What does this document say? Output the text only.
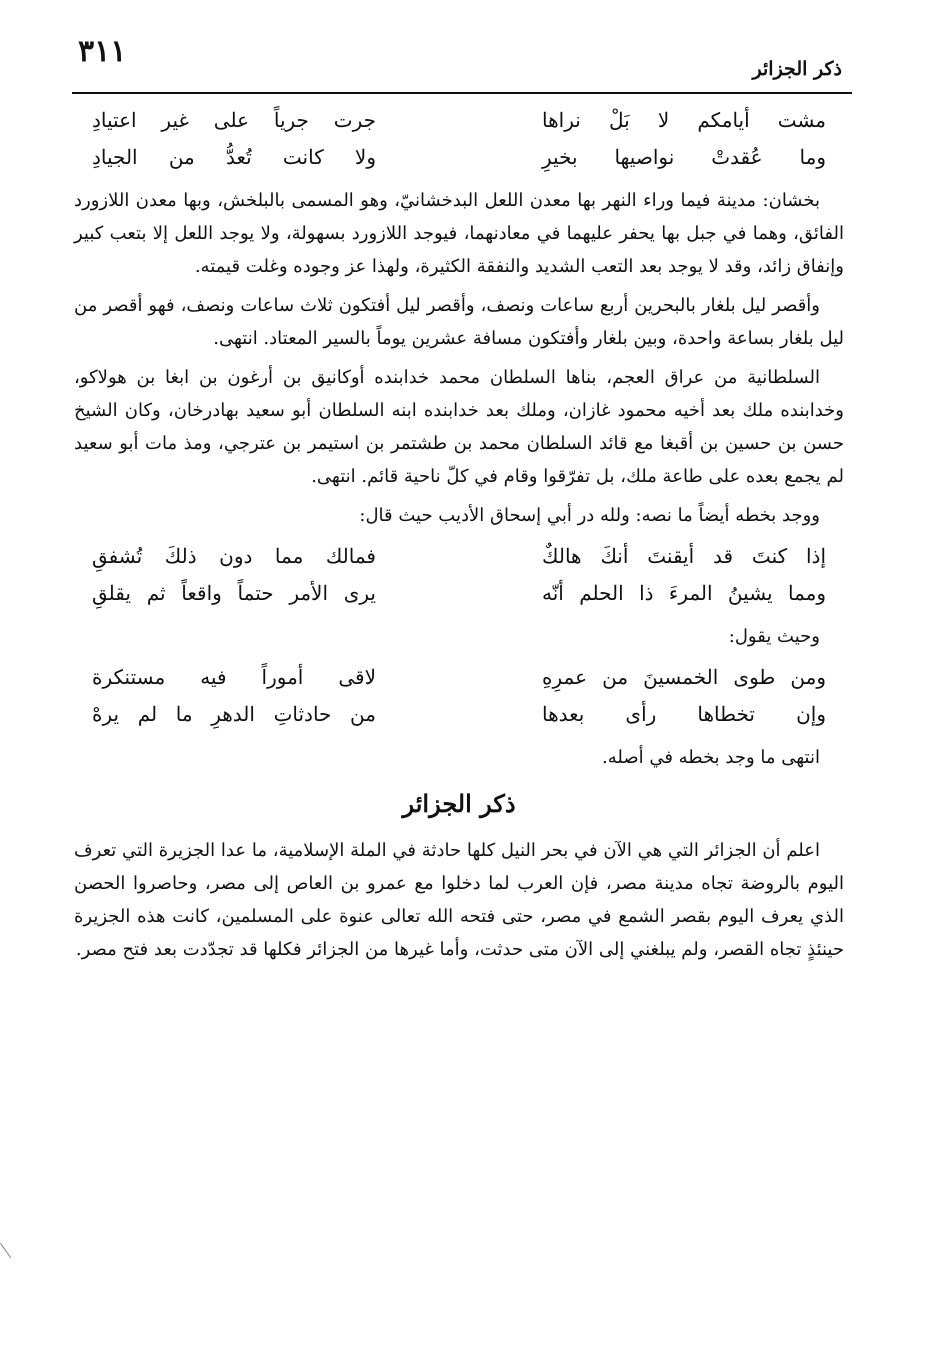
٣١١	ذكر الجزائر
مشت أيامكم لا بَلْ نراها
جرت جرياً على غير اعتيادِ
وما عُقدتْ نواصيها بخيرِ
ولا كانت تُعدُّ من الجيادِ

بخشان: مدينة فيما وراء النهر بها معدن اللعل البدخشانيّ، وهو المسمى بالبلخش، وبها معدن اللازورد الفائق، وهما في جبل بها يحفر عليهما في معادنهما، فيوجد اللازورد بسهولة، ولا يوجد اللعل إلا بتعب كبير وإنفاق زائد، وقد لا يوجد بعد التعب الشديد والنفقة الكثيرة، ولهذا عز وجوده وغلت قيمته.

وأقصر ليل بلغار بالبحرين أربع ساعات ونصف، وأقصر ليل أفتكون ثلاث ساعات ونصف، فهو أقصر من ليل بلغار بساعة واحدة، وبين بلغار وأفتكون مسافة عشرين يوماً بالسير المعتاد. انتهى.

السلطانية من عراق العجم، بناها السلطان محمد خدابنده أوكانيق بن أرغون بن ابغا بن هولاكو، وخدابنده ملك بعد أخيه محمود غازان، وملك بعد خدابنده ابنه السلطان أبو سعيد بهادرخان، وكان الشيخ حسن بن حسين بن أقبغا مع قائد السلطان محمد بن طشتمر بن استيمر بن عترجي، ومذ مات أبو سعيد لم يجمع بعده على طاعة ملك، بل تفرّقوا وقام في كلّ ناحية قائم. انتهى.

ووجد بخطه أيضاً ما نصه: ولله در أبي إسحاق الأديب حيث قال:

إذا كنتَ قد أيقنتَ أنكَ هالكٌ
فمالك مما دون ذلكَ تُشفقِ
ومما يشينُ المرءَ ذا الحلم أنّه
يرى الأمر حتماً واقعاً ثم يقلقِ

وحيث يقول:

ومن طوى الخمسينَ من عمرِهِ
لاقى أموراً فيه مستنكرة
وإن تخطاها رأى بعدها
من حادثاتِ الدهرِ ما لم يرهْ

انتهى ما وجد بخطه في أصله.

ذكر الجزائر

اعلم أن الجزائر التي هي الآن في بحر النيل كلها حادثة في الملة الإسلامية، ما عدا الجزيرة التي تعرف اليوم بالروضة تجاه مدينة مصر، فإن العرب لما دخلوا مع عمرو بن العاص إلى مصر، وحاصروا الحصن الذي يعرف اليوم بقصر الشمع في مصر، حتى فتحه الله تعالى عنوة على المسلمين، كانت هذه الجزيرة حينئذٍ تجاه القصر، ولم يبلغني إلى الآن متى حدثت، وأما غيرها من الجزائر فكلها قد تجدّدت بعد فتح مصر.
